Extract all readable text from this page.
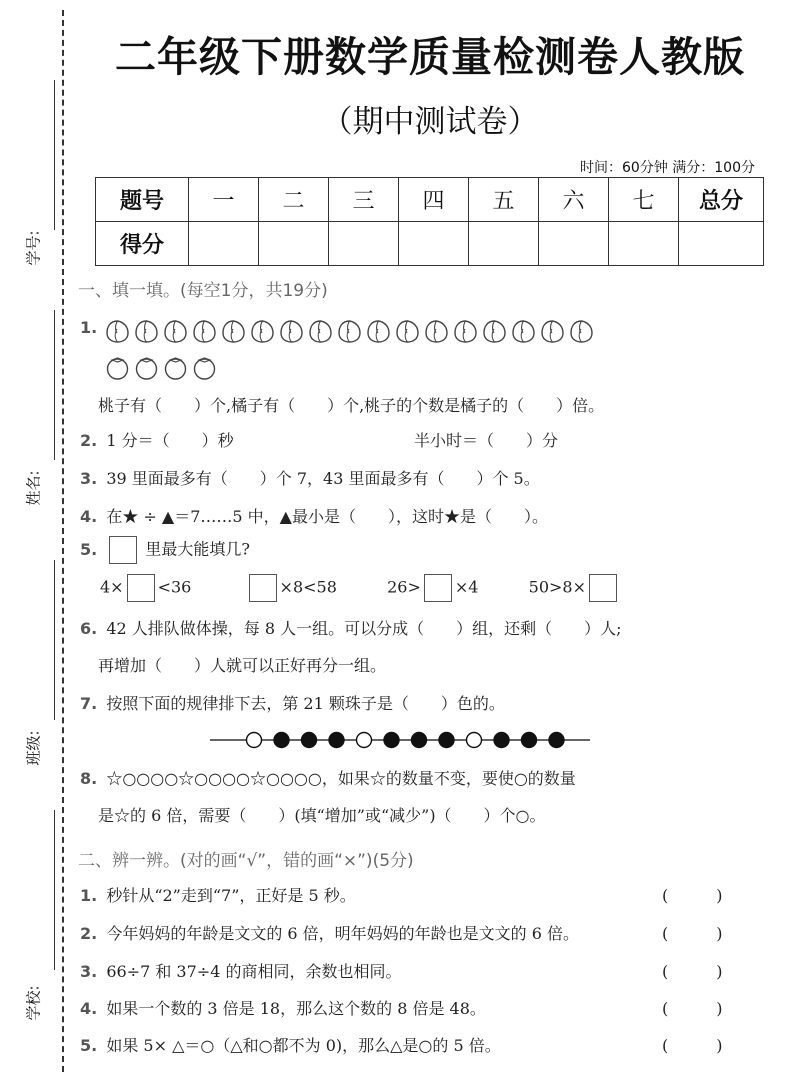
学号:
姓名:
班级:
学校:
二年级下册数学质量检测卷人教版
（期中测试卷）
时间：60分钟 满分：100分
题号	一	二	三	四	五	六	七	总分
得分								
一、填一填。(每空1分，共19分)
1.
桃子有（　　）个,橘子有（　　）个,桃子的个数是橘子的（　　）倍。
2. 1 分＝（　　）秒	半小时＝（　　）分
3. 39 里面最多有（　　）个 7，43 里面最多有（　　）个 5。
4. 在★ ÷ ▲＝7……5 中，▲最小是（　　），这时★是（　　）。
5.	里最大能填几?
4× <36	×8<58	26> ×4	50>8×
6. 42 人排队做体操，每 8 人一组。可以分成（　　）组，还剩（　　）人;
再增加（　　）人就可以正好再分一组。
7. 按照下面的规律排下去，第 21 颗珠子是（　　）色的。
8. ☆○○○○☆○○○○☆○○○○，如果☆的数量不变，要使○的数量
是☆的 6 倍，需要（　　）(填“增加”或“减少”)（　　）个○。
二、辨一辨。(对的画“√”，错的画“×”)(5分)
1. 秒针从“2”走到“7”，正好是 5 秒。	(　　　)
2. 今年妈妈的年龄是文文的 6 倍，明年妈妈的年龄也是文文的 6 倍。	(　　　)
3. 66÷7 和 37÷4 的商相同，余数也相同。	(　　　)
4. 如果一个数的 3 倍是 18，那么这个数的 8 倍是 48。	(　　　)
5. 如果 5× △＝○（△和○都不为 0)，那么△是○的 5 倍。	(　　　)
